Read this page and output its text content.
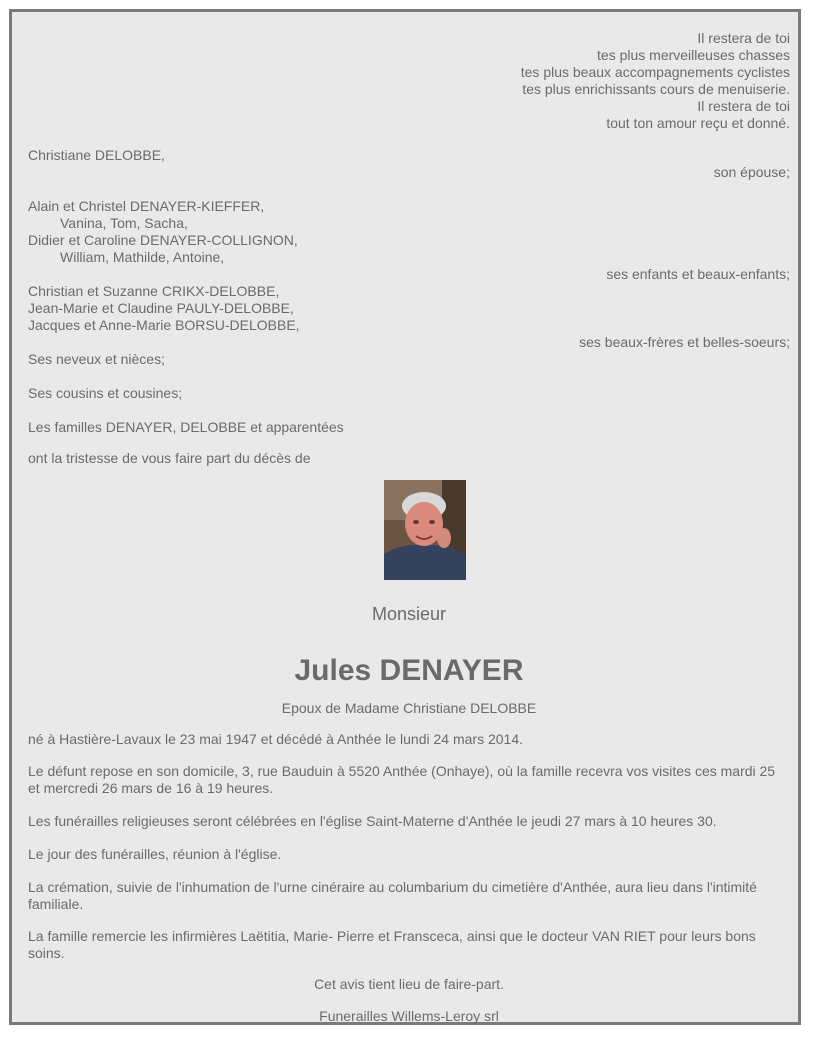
Il restera de toi
tes plus merveilleuses chasses
tes plus beaux accompagnements cyclistes
tes plus enrichissants cours de menuiserie.
Il restera de toi
tout ton amour reçu et donné.
Christiane DELOBBE,
son épouse;
Alain et Christel DENAYER-KIEFFER,
Vanina, Tom, Sacha,
Didier et Caroline DENAYER-COLLIGNON,
William, Mathilde, Antoine,
ses enfants et beaux-enfants;
Christian et Suzanne CRIKX-DELOBBE,
Jean-Marie et Claudine PAULY-DELOBBE,
Jacques et Anne-Marie BORSU-DELOBBE,
ses beaux-frères et belles-soeurs;
Ses neveux et nièces;
Ses cousins et cousines;
Les familles DENAYER, DELOBBE et apparentées
ont la tristesse de vous faire part du décès de
Monsieur
Jules DENAYER
Epoux de Madame Christiane DELOBBE

né à Hastière-Lavaux le 23 mai 1947 et décédé à Anthée le lundi 24 mars 2014.

Le défunt repose en son domicile, 3, rue Bauduin à 5520 Anthée (Onhaye), où la famille recevra vos visites ces mardi 25 et mercredi 26 mars de 16 à 19 heures.

Les funérailles religieuses seront célébrées en l'église Saint-Materne d'Anthée le jeudi 27 mars à 10 heures 30.

Le jour des funérailles, réunion à l'église.

La crémation, suivie de l'inhumation de l'urne cinéraire au columbarium du cimetière d'Anthée, aura lieu dans l'intimité familiale.

La famille remercie les infirmières Laëtitia, Marie- Pierre et Fransceca, ainsi que le docteur VAN RIET pour leurs bons soins.

Cet avis tient lieu de faire-part.
Funerailles Willems-Leroy srl
